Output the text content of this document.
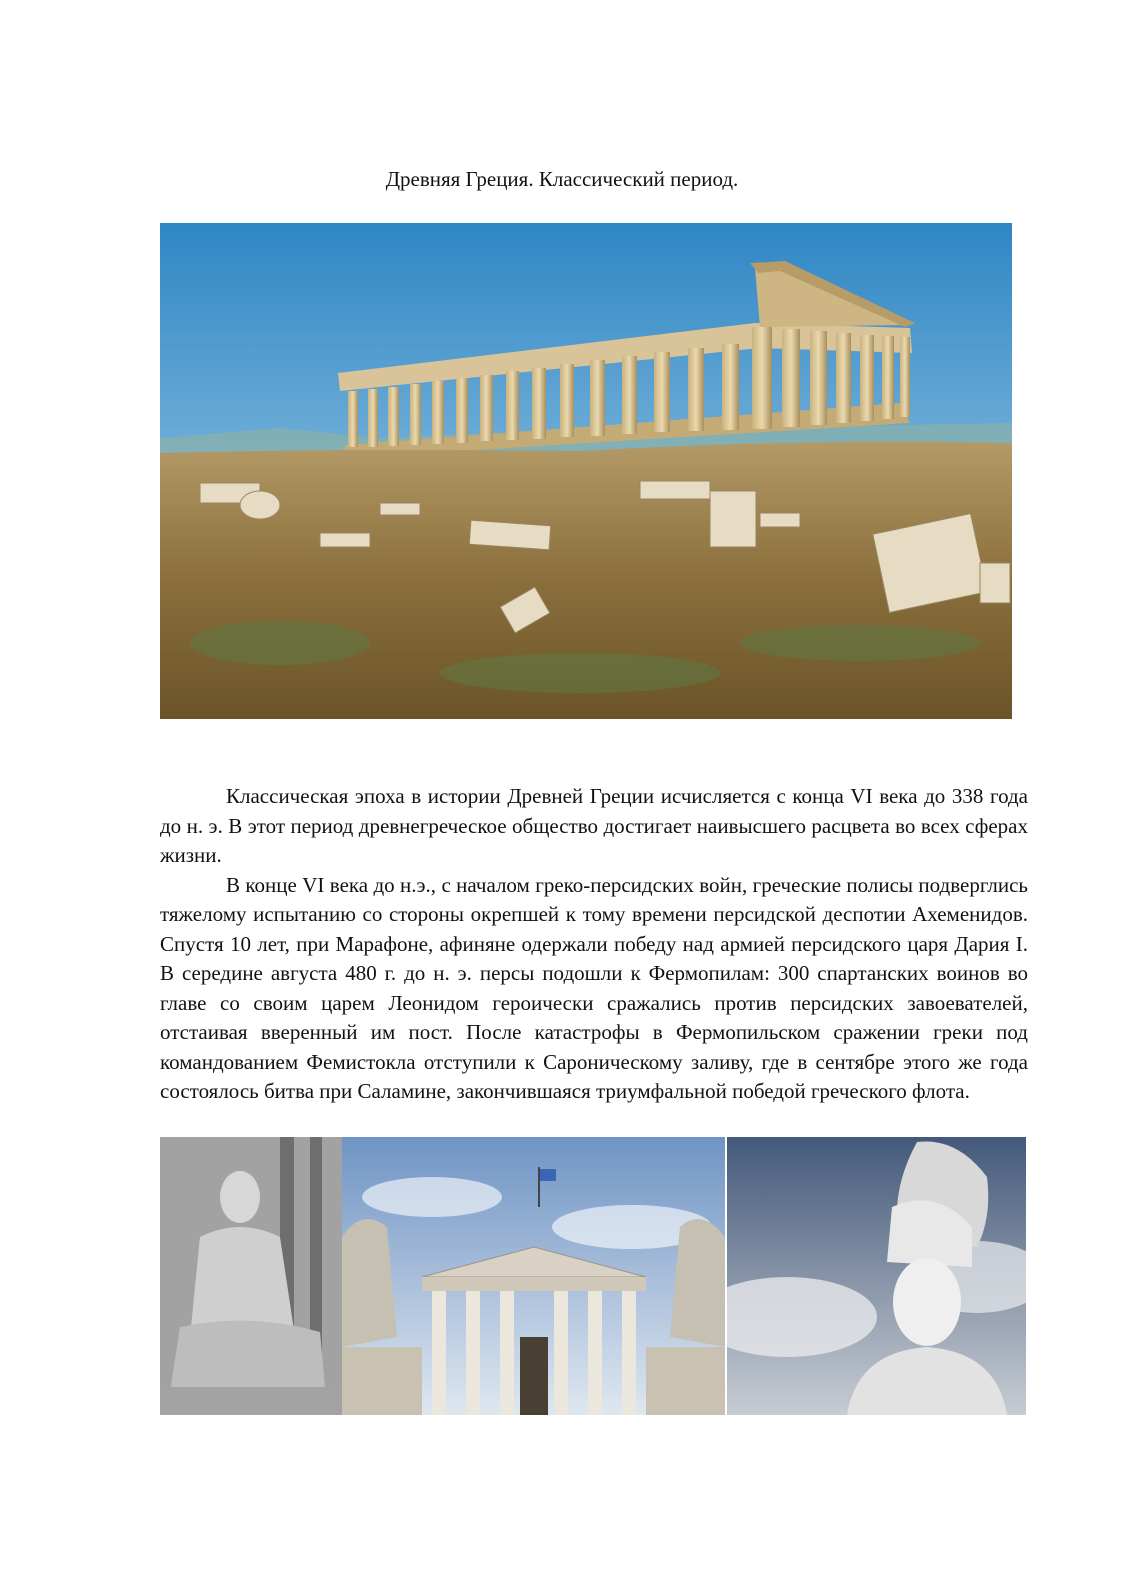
Древняя Греция. Классический период.

Классическая эпоха в истории Древней Греции исчисляется с конца VI века до 338 года до н. э. В этот период древнегреческое общество достигает наивысшего расцвета во всех сферах жизни.

В конце VI века до н.э., с началом греко-персидских войн, греческие полисы подверглись тяжелому испытанию со стороны окрепшей к тому времени персидской деспотии Ахеменидов. Спустя 10 лет, при Марафоне, афиняне одержали победу над армией персидского царя Дария I. В середине августа 480 г. до н. э. персы подошли к Фермопилам: 300 спартанских воинов во главе со своим царем Леонидом героически сражались против персидских завоевателей, отстаивая вверенный им пост. После катастрофы в Фермопильском сражении греки под командованием Фемистокла отступили к Сароническому заливу, где в сентябре этого же года состоялось битва при Саламине, закончившаяся триумфальной победой греческого флота.
